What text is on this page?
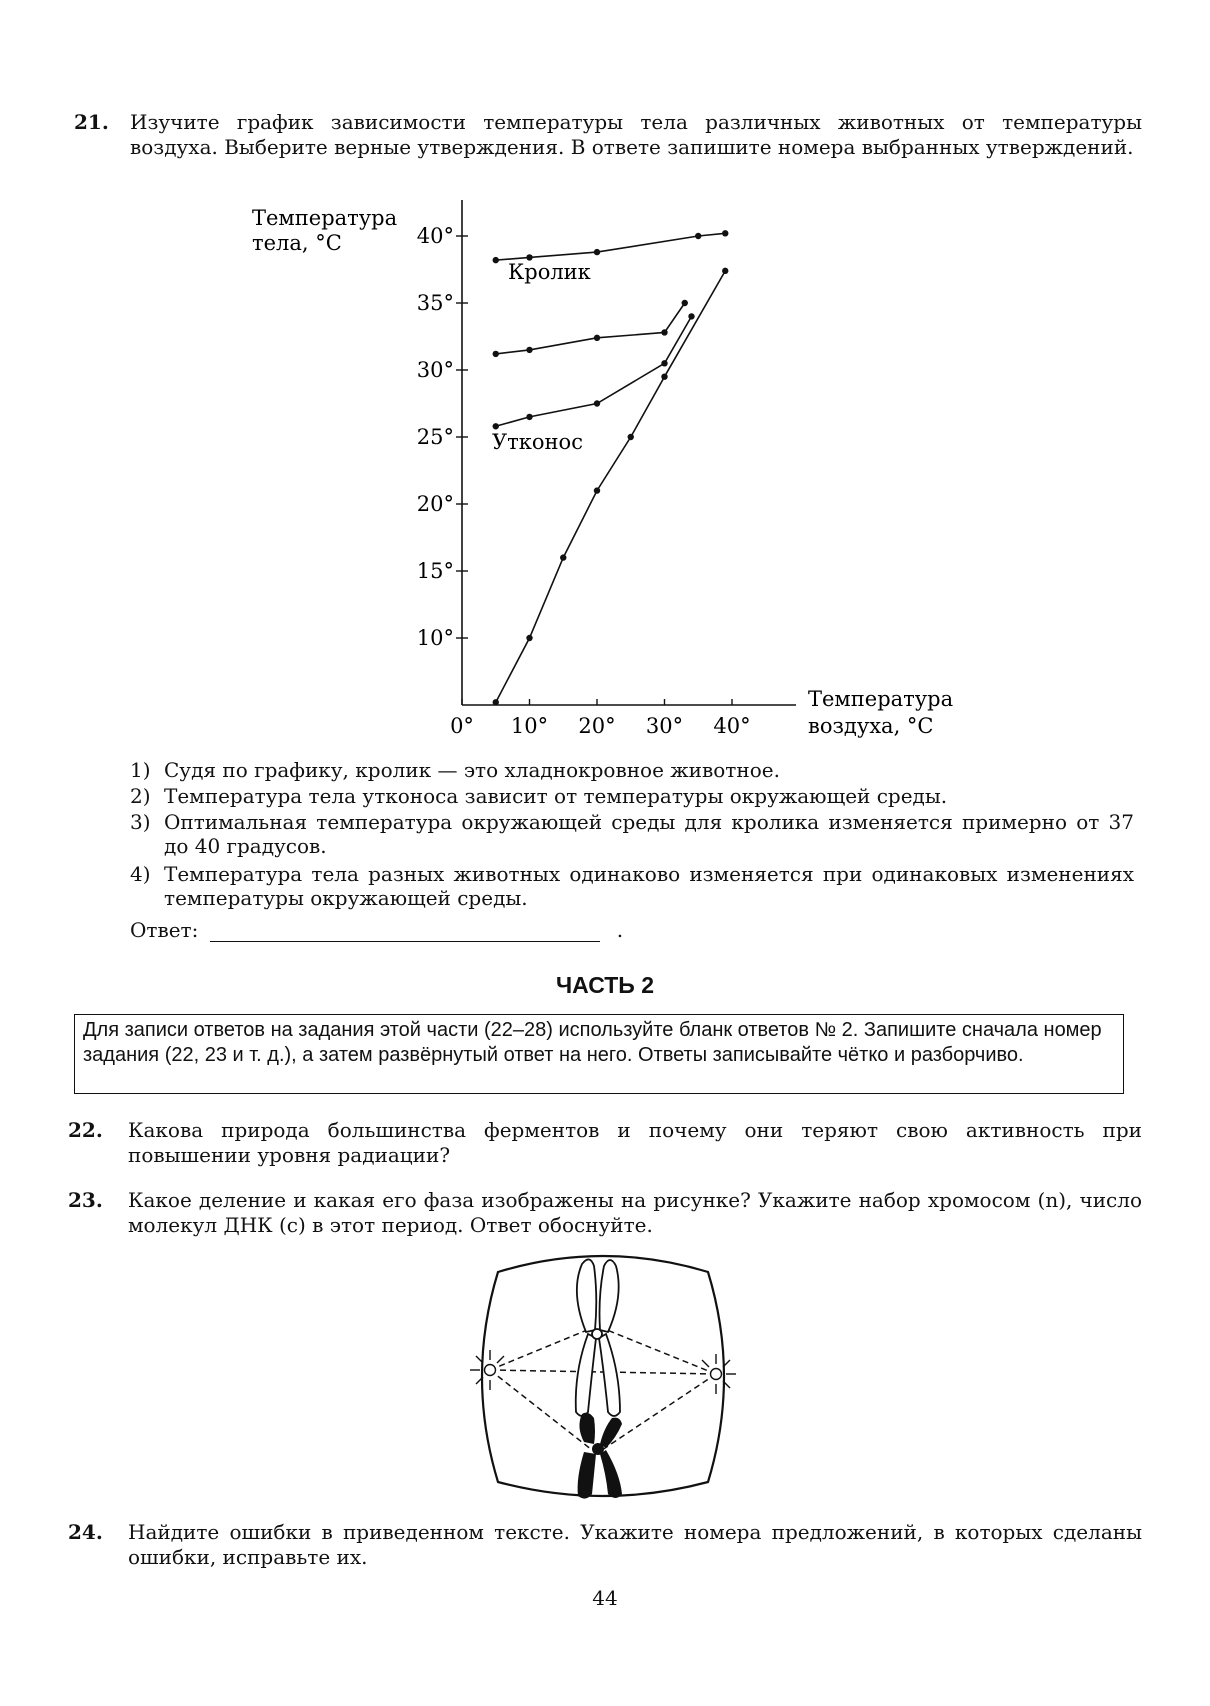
21. Изучите график зависимости температуры тела различных животных от температуры воздуха. Выберите верные утверждения. В ответе запишите номера выбранных утверждений.
Температура
тела, °C
Температура
воздуха, °C
0° 10° 20° 30° 40°
10°
15°
20°
25°
30°
35°
40°
Кролик
Утконос
1) Судя по графику, кролик — это хладнокровное животное.
2) Температура тела утконоса зависит от температуры окружающей среды.
3) Оптимальная температура окружающей среды для кролика изменяется примерно от 37 до 40 градусов.
4) Температура тела разных животных одинаково изменяется при одинаковых изменениях температуры окружающей среды.
Ответ:	.
ЧАСТЬ 2
Для записи ответов на задания этой части (22–28) используйте бланк ответов № 2. Запишите сначала номер задания (22, 23 и т. д.), а затем развёрнутый ответ на него. Ответы записывайте чётко и разборчиво.
22. Какова природа большинства ферментов и почему они теряют свою активность при повышении уровня радиации?
23. Какое деление и какая его фаза изображены на рисунке? Укажите набор хромосом (n), число молекул ДНК (c) в этот период. Ответ обоснуйте.
24. Найдите ошибки в приведенном тексте. Укажите номера предложений, в которых сделаны ошибки, исправьте их.
44
